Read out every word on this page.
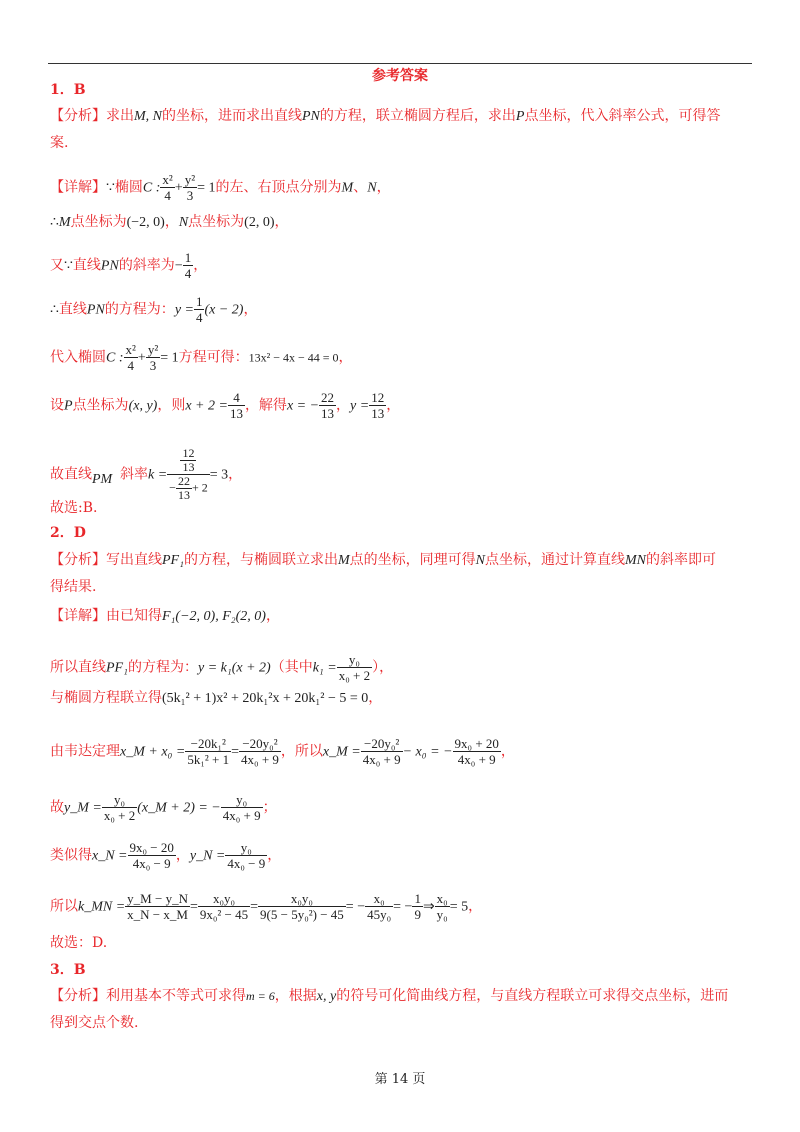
参考答案
1．B
【分析】求出M, N的坐标，进而求出直线PN的方程，联立椭圆方程后，求出P点坐标，代入斜率公式，可得答
案.
【详解】∵椭圆C : $\frac{\text{x²}}{4} + \frac{\text{y²}}{3} = 1$的左、右顶点分别为M、N，
∴M点坐标为(−2, 0)，N点坐标为(2, 0)，
又∵直线PN的斜率为− $\frac{1}{4}$ ，
∴直线PN的方程为：$y = \frac{1}{4} (x - 2)$，
代入椭圆C : $\frac{\text{x²}}{4} + \frac{\text{y²}}{3} = 1$方程可得：13x² − 4x − 44 = 0，
设P点坐标为(x, y)，则$x + 2 = \frac{4}{13}$ ，解得x = − $\frac{22}{13}$ ，$y = \frac{12}{13}$ ，
故直线 斜率$k = \frac{\frac{12}{13}}{- \frac{22}{13} + 2} = 3$，
PM
故选:B.
2．D
【分析】写出直线PF₁的方程，与椭圆联立求出M点的坐标，同理可得N点坐标，通过计算直线MN的斜率即可
得结果.
【详解】由已知得F₁(−2, 0), F₂(2, 0)，
所以直线PF₁的方程为：y = k₁(x + 2)（其中$k_1 = \frac{\text{y₀}}{\text{x₀ + 2}}$ ），
与椭圆方程联立得(5k₁² + 1)x² + 20k₁²x + 20k₁² − 5 = 0，
由韦达定理x_M + $x_0 = \frac{\text{−20k₁²}}{\text{5k₁² + 1}} = \frac{\text{−20y₀²}}{\text{4x₀ + 9}}$ ，所以x_M = $\frac{\text{−20y₀²}}{\text{4x₀ + 9}} - x_0$ = − $\frac{\text{9x₀ + 20}}{\text{4x₀ + 9}}$ ，
故y_M = $\frac{\text{y₀}}{\text{x₀ + 2}}$ (x_M + 2) = − $\frac{\text{y₀}}{\text{4x₀ + 9}}$ ；
类似得x_N = $\frac{\text{9x₀ − 20}}{\text{4x₀ − 9}}$ ，y_N = $\frac{\text{y₀}}{\text{4x₀ − 9}}$ ，
所以k_MN = $\frac{y\_M - y\_N}{x\_N - x\_M} = \frac{\text{x₀y₀}}{\text{9x₀² − 45}} = \frac{\text{x₀y₀}}{\text{9(5 − 5y₀²) − 45}}$ = − $\frac{\text{x₀}}{\text{45y₀}}$ = − $\frac{1}{9}$ ⇒ $\frac{\text{x₀}}{\text{y₀}} = 5$，
故选：D.
3．B
【分析】利用基本不等式可求得m = 6，根据x, y的符号可化简曲线方程，与直线方程联立可求得交点坐标，进而
得到交点个数.
第 14 页
